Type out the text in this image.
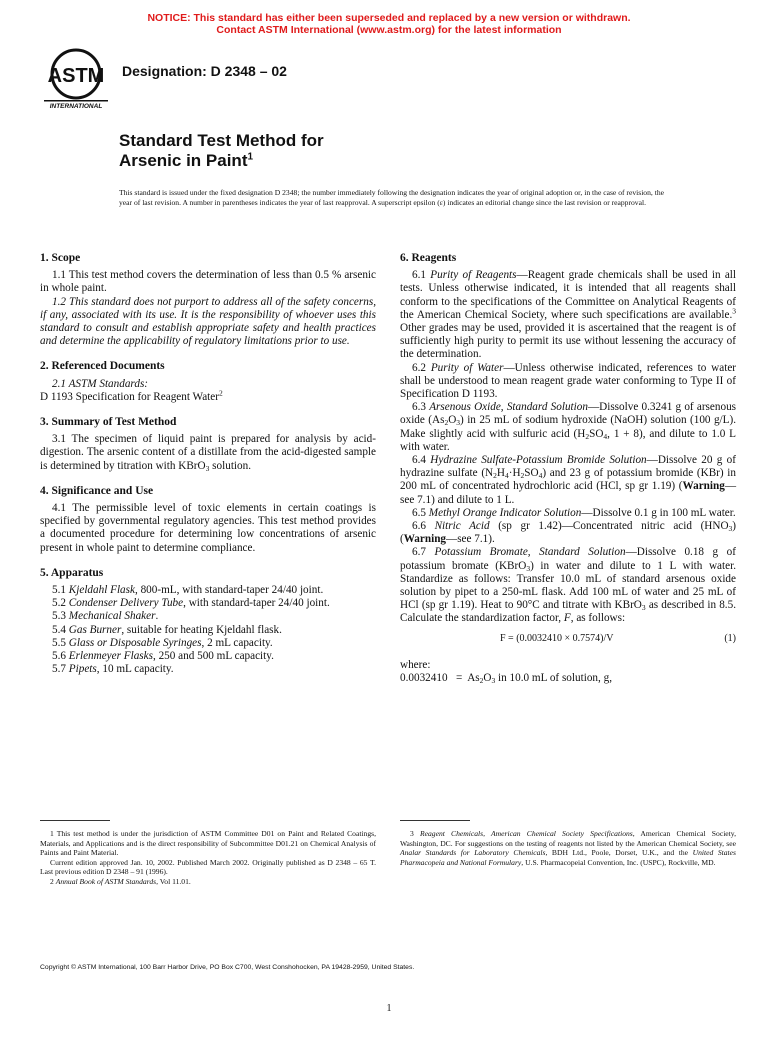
NOTICE: This standard has either been superseded and replaced by a new version or withdrawn.
Contact ASTM International (www.astm.org) for the latest information
ASTM
INTERNATIONAL
Designation: D 2348 – 02
Standard Test Method for
Arsenic in Paint$^1$
This standard is issued under the fixed designation D 2348; the number immediately following the designation indicates the year of original adoption or, in the case of revision, the year of last revision. A number in parentheses indicates the year of last reapproval. A superscript epsilon (ε) indicates an editorial change since the last revision or reapproval.
1. Scope

1.1 This test method covers the determination of less than 0.5 % arsenic in whole paint.

1.2 This standard does not purport to address all of the safety concerns, if any, associated with its use. It is the responsibility of whoever uses this standard to consult and establish appropriate safety and health practices and determine the applicability of regulatory limitations prior to use.

2. Referenced Documents

2.1 ASTM Standards:

D 1193 Specification for Reagent Water$^2$

3. Summary of Test Method

3.1 The specimen of liquid paint is prepared for analysis by acid-digestion. The arsenic content of a distillate from the acid-digested sample is determined by titration with KBrO$_3$ solution.

4. Significance and Use

4.1 The permissible level of toxic elements in certain coatings is specified by governmental regulatory agencies. This test method provides a documented procedure for determining low concentrations of arsenic present in whole paint to determine compliance.

5. Apparatus

5.1 Kjeldahl Flask, 800-mL, with standard-taper 24/40 joint.

5.2 Condenser Delivery Tube, with standard-taper 24/40 joint.

5.3 Mechanical Shaker.

5.4 Gas Burner, suitable for heating Kjeldahl flask.

5.5 Glass or Disposable Syringes, 2 mL capacity.

5.6 Erlenmeyer Flasks, 250 and 500 mL capacity.

5.7 Pipets, 10 mL capacity.

6. Reagents

6.1 Purity of Reagents—Reagent grade chemicals shall be used in all tests. Unless otherwise indicated, it is intended that all reagents shall conform to the specifications of the Committee on Analytical Reagents of the American Chemical Society, where such specifications are available.$^3$ Other grades may be used, provided it is ascertained that the reagent is of sufficiently high purity to permit its use without lessening the accuracy of the determination.

6.2 Purity of Water—Unless otherwise indicated, references to water shall be understood to mean reagent grade water conforming to Type II of Specification D 1193.

6.3 Arsenous Oxide, Standard Solution—Dissolve 0.3241 g of arsenous oxide $(As_2O_3)$ in 25 mL of sodium hydroxide (NaOH) solution (100 g/L). Make slightly acid with sulfuric acid ($H_2SO_4$, 1 + 8), and dilute to 1.0 L with water.

6.4 Hydrazine Sulfate-Potassium Bromide Solution—Dissolve 20 g of hydrazine sulfate $(N_2H_4\cdot H_2SO_4)$ and 23 g of potassium bromide (KBr) in 200 mL of concentrated hydrochloric acid (HCl, sp gr 1.19) (Warning—see 7.1) and dilute to 1 L.

6.5 Methyl Orange Indicator Solution—Dissolve 0.1 g in 100 mL water.

6.6 Nitric Acid (sp gr 1.42)—Concentrated nitric acid $(HNO_3)$ (Warning—see 7.1).

6.7 Potassium Bromate, Standard Solution—Dissolve 0.18 g of potassium bromate (KBrO$_3$) in water and dilute to 1 L with water. Standardize as follows: Transfer 10.0 mL of standard arsenous oxide solution by pipet to a 250-mL flask. Add 100 mL of water and 25 mL of HCl (sp gr 1.19). Heat to 90°C and titrate with KBrO$_3$ as described in 8.5. Calculate the standardization factor, F, as follows:

F = (0.0032410 × 0.7574)/V	(1)
where:
$0.0032410 = As_2O_3$ in 10.0 mL of solution, g,

1 This test method is under the jurisdiction of ASTM Committee D01 on Paint and Related Coatings, Materials, and Applications and is the direct responsibility of Subcommittee D01.21 on Chemical Analysis of Paints and Paint Material.

Current edition approved Jan. 10, 2002. Published March 2002. Originally published as D 2348 – 65 T. Last previous edition D 2348 – 91 (1996).

2 Annual Book of ASTM Standards, Vol 11.01.

3 Reagent Chemicals, American Chemical Society Specifications, American Chemical Society, Washington, DC. For suggestions on the testing of reagents not listed by the American Chemical Society, see Analar Standards for Laboratory Chemicals, BDH Ltd., Poole, Dorset, U.K., and the United States Pharmacopeia and National Formulary, U.S. Pharmacopeial Convention, Inc. (USPC), Rockville, MD.

Copyright © ASTM International, 100 Barr Harbor Drive, PO Box C700, West Conshohocken, PA 19428-2959, United States.
1
